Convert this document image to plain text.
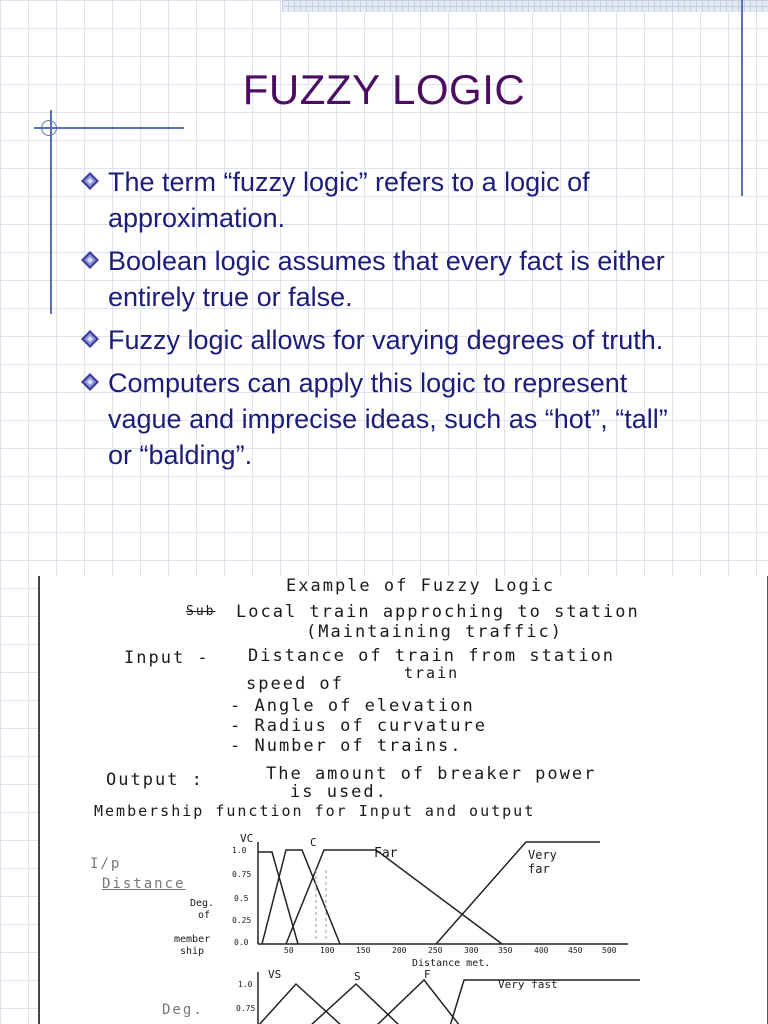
FUZZY LOGIC
The term “fuzzy logic” refers to a logic of approximation.
Boolean logic assumes that every fact is either entirely true or false.
Fuzzy logic allows for varying degrees of truth.
Computers can apply this logic to represent vague and imprecise ideas, such as “hot”, “tall” or “balding”.
Example of Fuzzy Logic
Sub Local train approching to station
(Maintaining traffic)
Input - Distance of train from station
train
speed of
- Angle of elevation
- Radius of curvature
- Number of trains.
Output :	The amount of breaker power
is used.
Membership function for Input and output
I/p
Distance
Deg.
of
member
ship
VC	C
Far	Very far
1.0
0.75
0.5
0.25
0.0
50	100	150	200	250	300 350	400 450 500
Distance met.
VS	S	F
Very fast
1.0
0.75
Deg.
